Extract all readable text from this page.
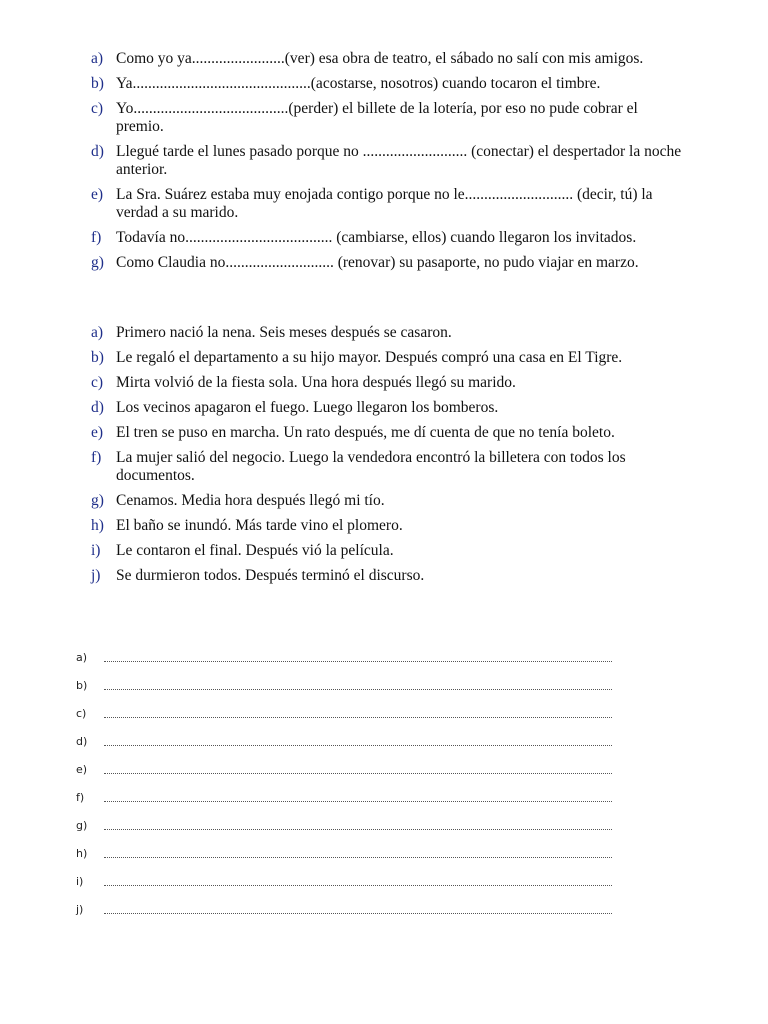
a) Como yo ya........................(ver) esa obra de teatro, el sábado no salí con mis amigos.
b) Ya..............................................(acostarse, nosotros) cuando tocaron el timbre.
c) Yo........................................(perder) el billete de la lotería, por eso no pude cobrar el premio.
d) Llegué tarde el lunes pasado porque no ........................... (conectar) el despertador la noche anterior.
e) La Sra. Suárez estaba muy enojada contigo porque no le............................ (decir, tú) la verdad a su marido.
f) Todavía no...................................... (cambiarse, ellos) cuando llegaron los invitados.
g) Como Claudia no............................ (renovar) su pasaporte, no pudo viajar en marzo.
a) Primero nació la nena. Seis meses después se casaron.
b) Le regaló el departamento a su hijo mayor. Después compró una casa en El Tigre.
c) Mirta volvió de la fiesta sola. Una hora después llegó su marido.
d) Los vecinos apagaron el fuego. Luego llegaron los bomberos.
e) El tren se puso en marcha. Un rato después, me dí cuenta de que no tenía boleto.
f) La mujer salió del negocio. Luego la vendedora encontró la billetera con todos los documentos.
g) Cenamos. Media hora después llegó mi tío.
h) El baño se inundó. Más tarde vino el plomero.
i) Le contaron el final. Después vió la película.
j) Se durmieron todos. Después terminó el discurso.
a)
b)
c)
d)
e)
f)
g)
h)
i)
j)
